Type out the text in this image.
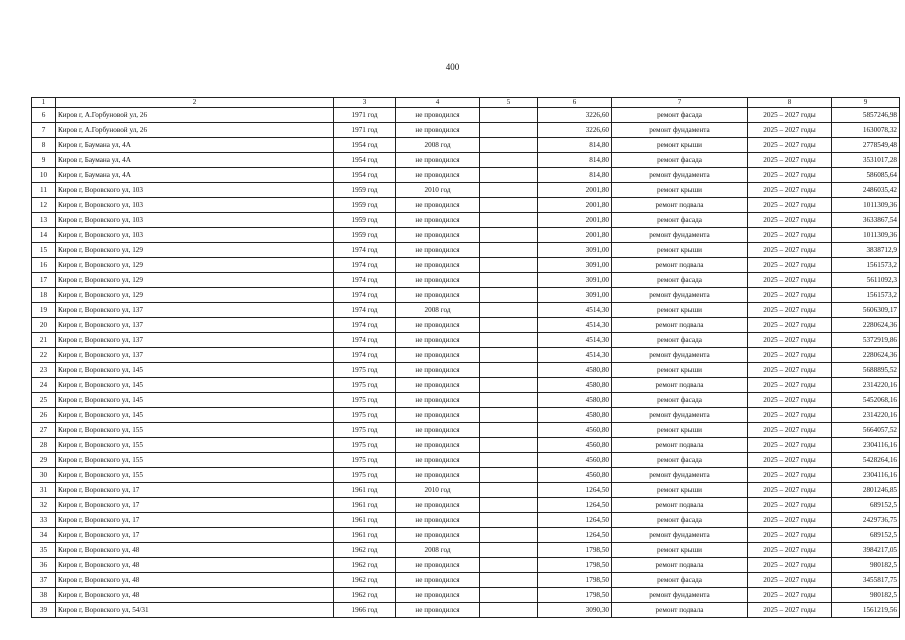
400
1	2	3	4	5	6	7	8	9
6	Киров г, А.Горбуновой ул, 26	1971 год	не проводился		3226,60	ремонт фасада	2025 – 2027 годы	5857246,98
7	Киров г, А.Горбуновой ул, 26	1971 год	не проводился		3226,60	ремонт фундамента	2025 – 2027 годы	1630078,32
8	Киров г, Баумана ул, 4А	1954 год	2008 год		814,80	ремонт крыши	2025 – 2027 годы	2778549,48
9	Киров г, Баумана ул, 4А	1954 год	не проводился		814,80	ремонт фасада	2025 – 2027 годы	3531017,28
10	Киров г, Баумана ул, 4А	1954 год	не проводился		814,80	ремонт фундамента	2025 – 2027 годы	586085,64
11	Киров г, Воровского ул, 103	1959 год	2010 год		2001,80	ремонт крыши	2025 – 2027 годы	2486035,42
12	Киров г, Воровского ул, 103	1959 год	не проводился		2001,80	ремонт подвала	2025 – 2027 годы	1011309,36
13	Киров г, Воровского ул, 103	1959 год	не проводился		2001,80	ремонт фасада	2025 – 2027 годы	3633867,54
14	Киров г, Воровского ул, 103	1959 год	не проводился		2001,80	ремонт фундамента	2025 – 2027 годы	1011309,36
15	Киров г, Воровского ул, 129	1974 год	не проводился		3091,00	ремонт крыши	2025 – 2027 годы	3838712,9
16	Киров г, Воровского ул, 129	1974 год	не проводился		3091,00	ремонт подвала	2025 – 2027 годы	1561573,2
17	Киров г, Воровского ул, 129	1974 год	не проводился		3091,00	ремонт фасада	2025 – 2027 годы	5611092,3
18	Киров г, Воровского ул, 129	1974 год	не проводился		3091,00	ремонт фундамента	2025 – 2027 годы	1561573,2
19	Киров г, Воровского ул, 137	1974 год	2008 год		4514,30	ремонт крыши	2025 – 2027 годы	5606309,17
20	Киров г, Воровского ул, 137	1974 год	не проводился		4514,30	ремонт подвала	2025 – 2027 годы	2280624,36
21	Киров г, Воровского ул, 137	1974 год	не проводился		4514,30	ремонт фасада	2025 – 2027 годы	5372919,86
22	Киров г, Воровского ул, 137	1974 год	не проводился		4514,30	ремонт фундамента	2025 – 2027 годы	2280624,36
23	Киров г, Воровского ул, 145	1975 год	не проводился		4580,80	ремонт крыши	2025 – 2027 годы	5688895,52
24	Киров г, Воровского ул, 145	1975 год	не проводился		4580,80	ремонт подвала	2025 – 2027 годы	2314220,16
25	Киров г, Воровского ул, 145	1975 год	не проводился		4580,80	ремонт фасада	2025 – 2027 годы	5452068,16
26	Киров г, Воровского ул, 145	1975 год	не проводился		4580,80	ремонт фундамента	2025 – 2027 годы	2314220,16
27	Киров г, Воровского ул, 155	1975 год	не проводился		4560,80	ремонт крыши	2025 – 2027 годы	5664057,52
28	Киров г, Воровского ул, 155	1975 год	не проводился		4560,80	ремонт подвала	2025 – 2027 годы	2304116,16
29	Киров г, Воровского ул, 155	1975 год	не проводился		4560,80	ремонт фасада	2025 – 2027 годы	5428264,16
30	Киров г, Воровского ул, 155	1975 год	не проводился		4560,80	ремонт фундамента	2025 – 2027 годы	2304116,16
31	Киров г, Воровского ул, 17	1961 год	2010 год		1264,50	ремонт крыши	2025 – 2027 годы	2801246,85
32	Киров г, Воровского ул, 17	1961 год	не проводился		1264,50	ремонт подвала	2025 – 2027 годы	689152,5
33	Киров г, Воровского ул, 17	1961 год	не проводился		1264,50	ремонт фасада	2025 – 2027 годы	2429736,75
34	Киров г, Воровского ул, 17	1961 год	не проводился		1264,50	ремонт фундамента	2025 – 2027 годы	689152,5
35	Киров г, Воровского ул, 48	1962 год	2008 год		1798,50	ремонт крыши	2025 – 2027 годы	3984217,05
36	Киров г, Воровского ул, 48	1962 год	не проводился		1798,50	ремонт подвала	2025 – 2027 годы	980182,5
37	Киров г, Воровского ул, 48	1962 год	не проводился		1798,50	ремонт фасада	2025 – 2027 годы	3455817,75
38	Киров г, Воровского ул, 48	1962 год	не проводился		1798,50	ремонт фундамента	2025 – 2027 годы	980182,5
39	Киров г, Воровского ул, 54/31	1966 год	не проводился		3090,30	ремонт подвала	2025 – 2027 годы	1561219,56
